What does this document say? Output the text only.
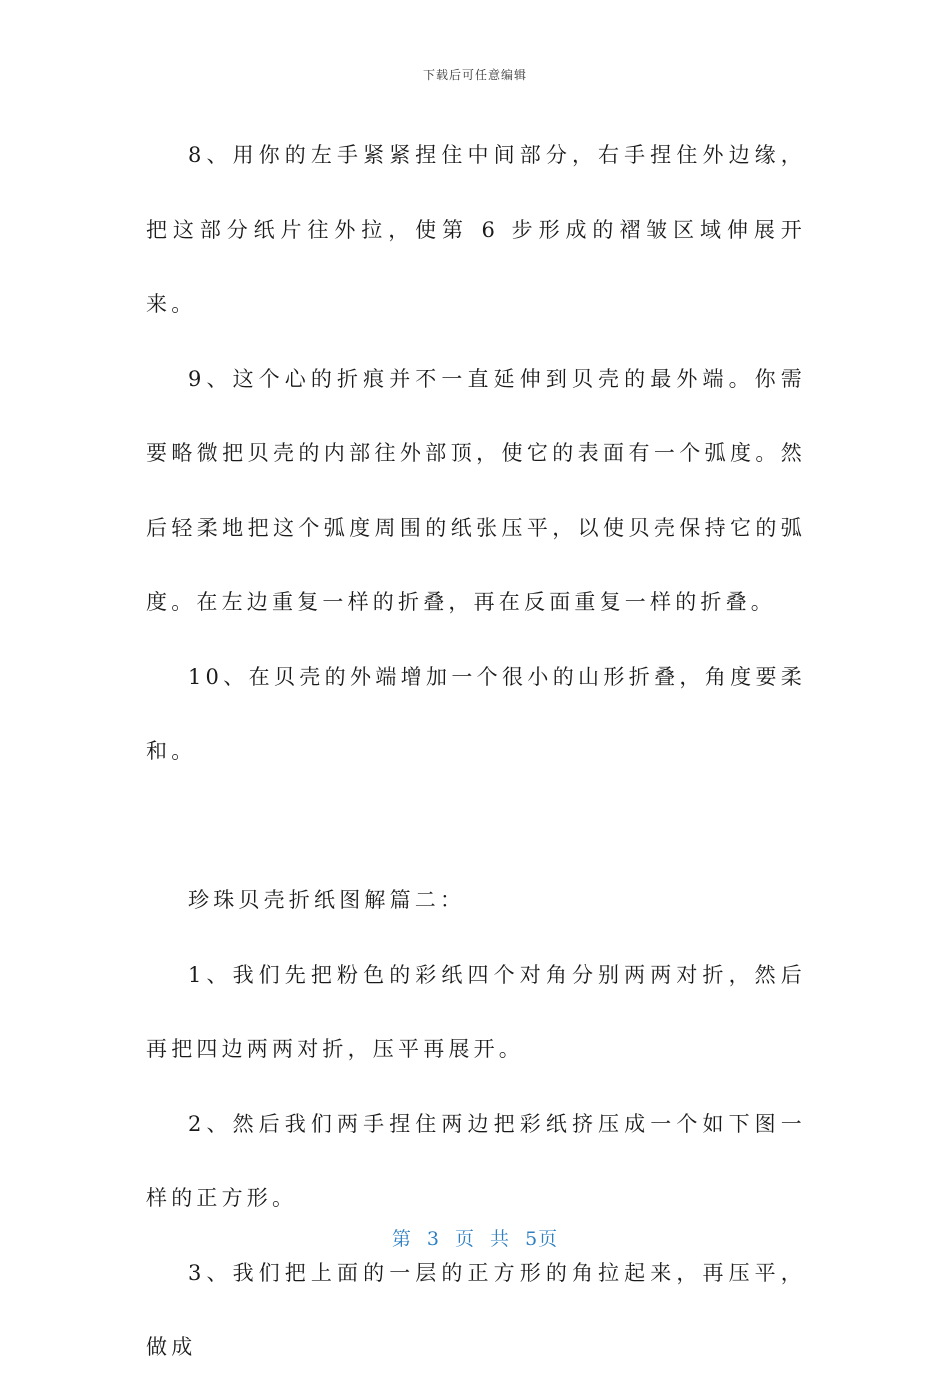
下载后可任意编辑

8、用你的左手紧紧捏住中间部分，右手捏住外边缘，把这部分纸片往外拉，使第 6 步形成的褶皱区域伸展开来。

9、这个心的折痕并不一直延伸到贝壳的最外端。你需要略微把贝壳的内部往外部顶，使它的表面有一个弧度。然后轻柔地把这个弧度周围的纸张压平，以使贝壳保持它的弧度。在左边重复一样的折叠，再在反面重复一样的折叠。

10、在贝壳的外端增加一个很小的山形折叠，角度要柔和。

珍珠贝壳折纸图解篇二：

1、我们先把粉色的彩纸四个对角分别两两对折，然后再把四边两两对折，压平再展开。

2、然后我们两手捏住两边把彩纸挤压成一个如下图一样的正方形。

3、我们把上面的一层的正方形的角拉起来，再压平，做成

第 3 页 共 5页
